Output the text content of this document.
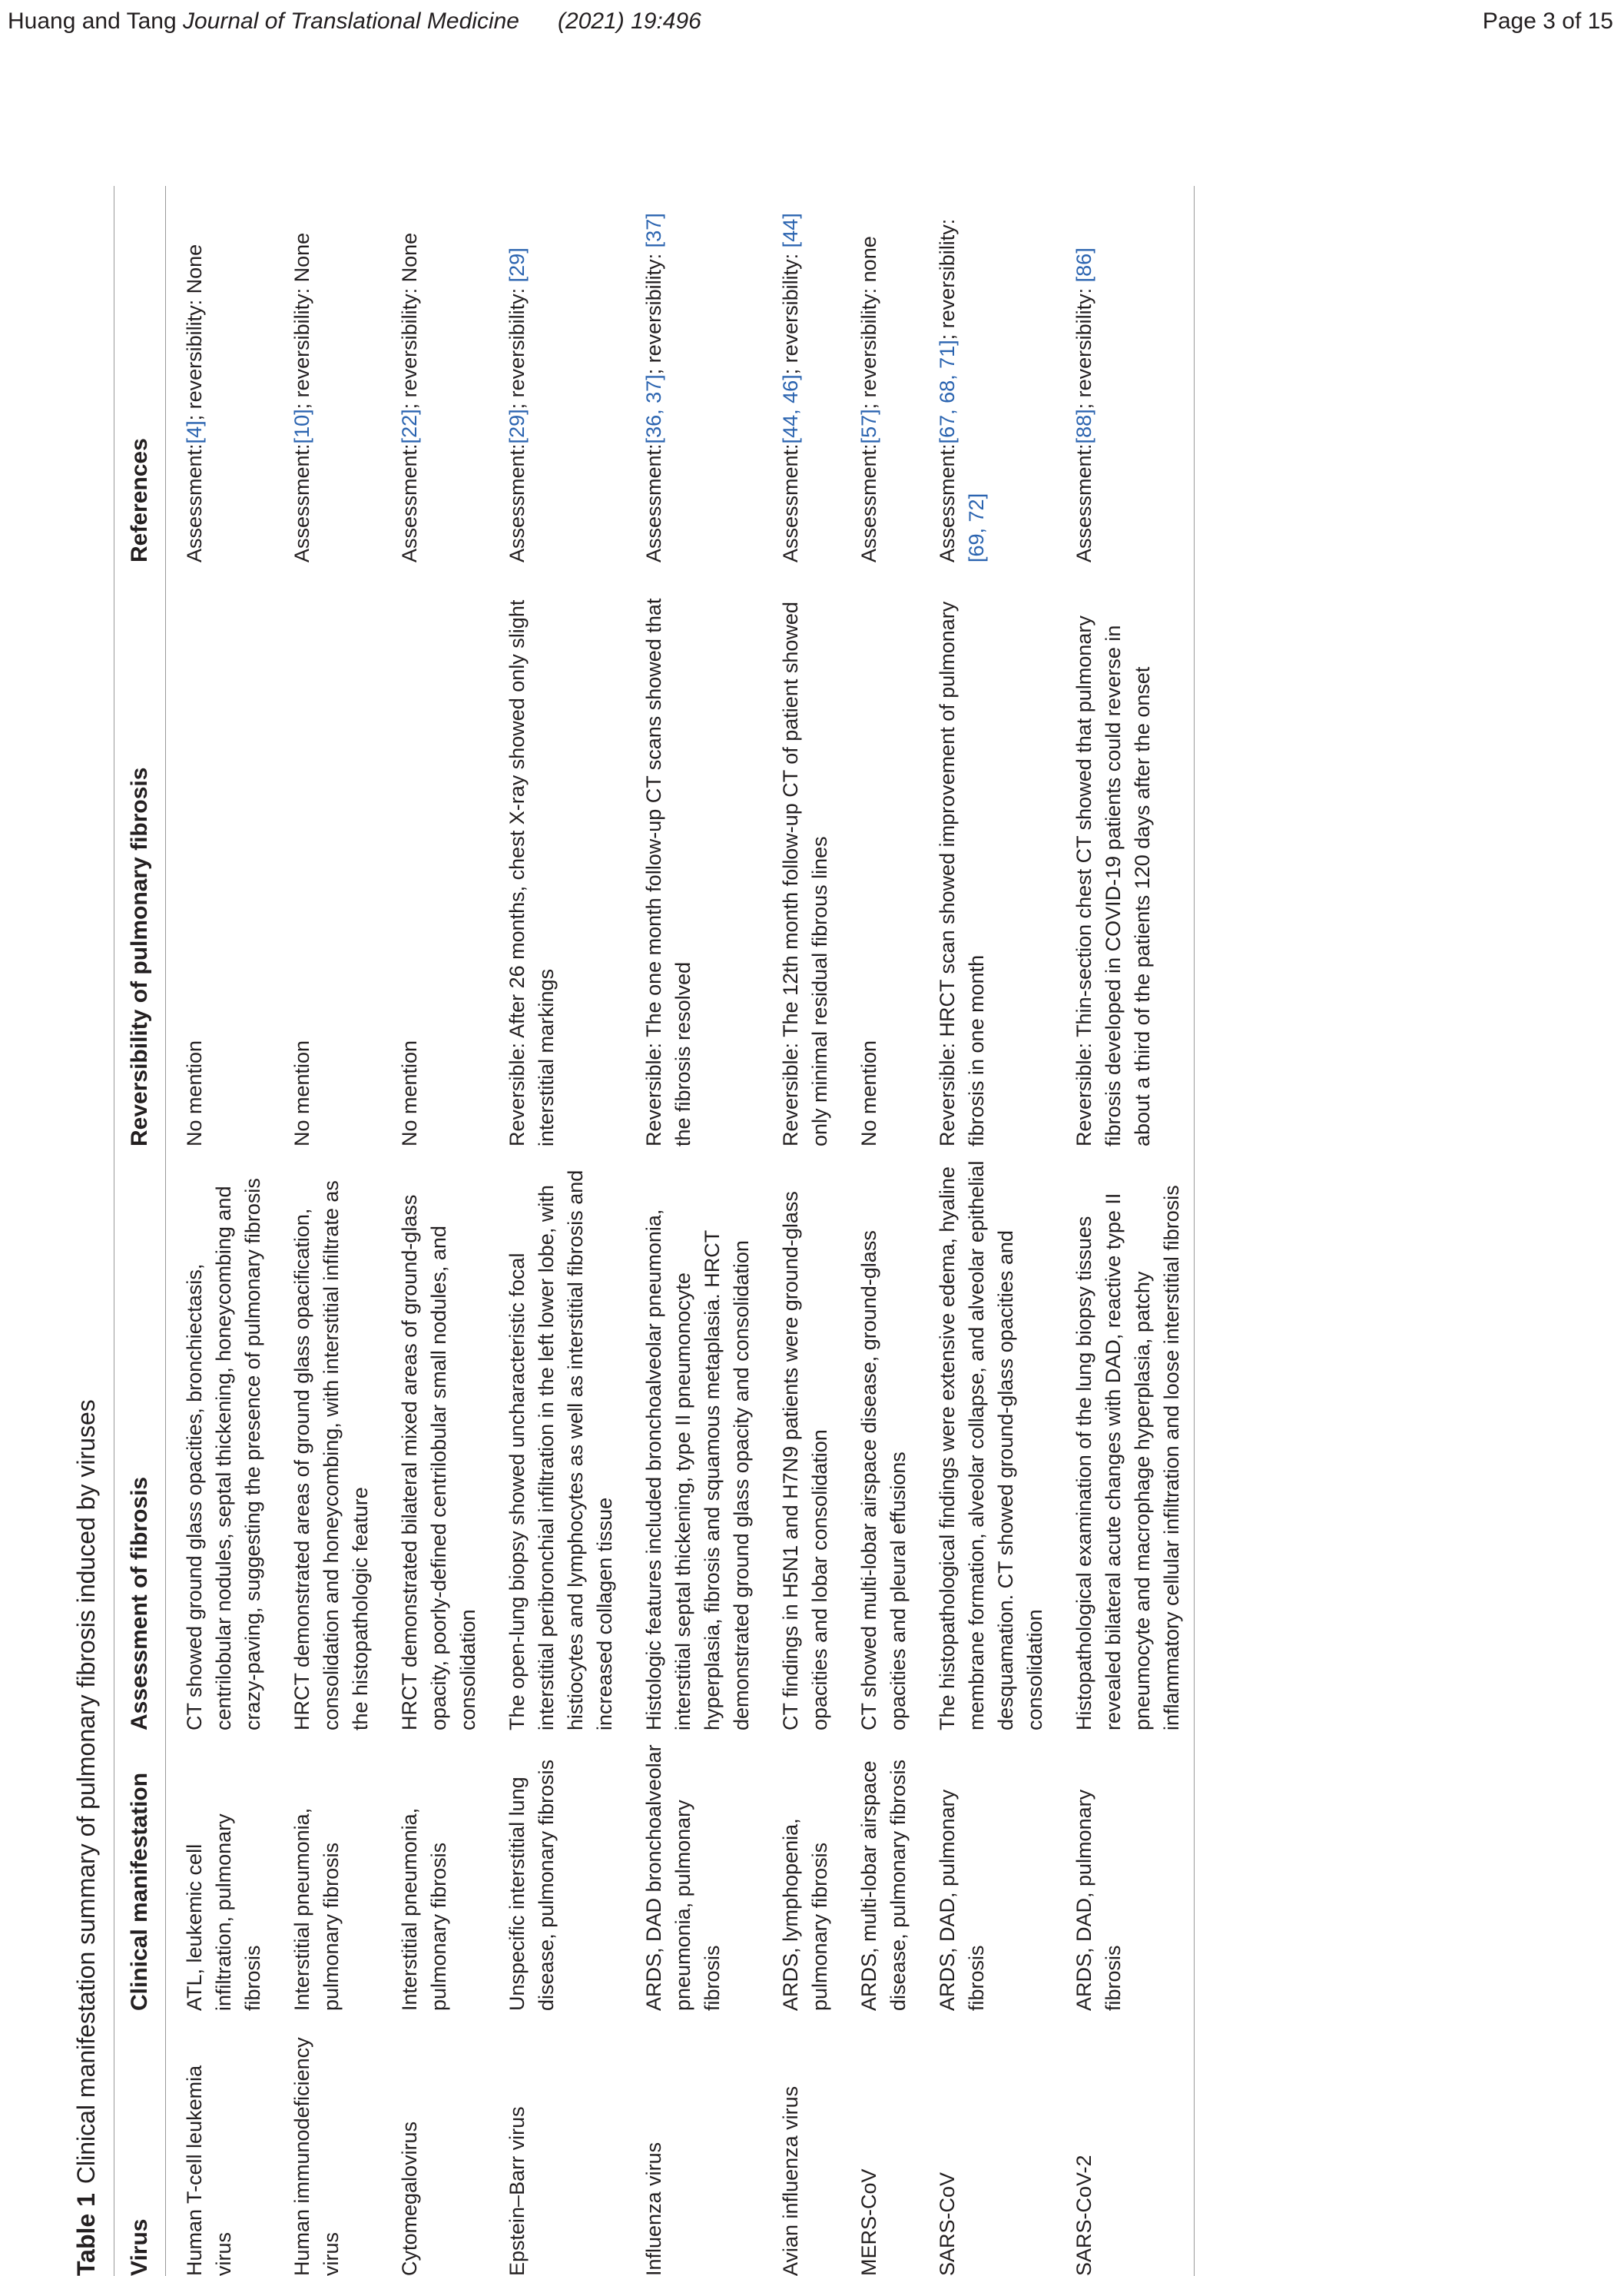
Huang and Tang Journal of Translational Medicine (2021) 19:496	Page 3 of 15
Table 1Clinical manifestation summary of pulmonary fibrosis induced by viruses
Virus	Clinical manifestation	Assessment of fibrosis	Reversibility of pulmonary fibrosis	References
Human T-cell leukemia virus	ATL, leukemic cell infiltration, pulmonary fibrosis	CT showed ground glass opacities, bronchiectasis, centrilobular nodules, septal thickening, honeycombing and crazy-paving, suggesting the presence of pulmonary fibrosis	No mention	Assessment:[4]; reversibility: None
Human immunodeficiency virus	Interstitial pneumonia, pulmonary fibrosis	HRCT demonstrated areas of ground glass opacification, consolidation and honeycombing, with interstitial infiltrate as the histopathologic feature	No mention	Assessment:[10]; reversibility: None
Cytomegalovirus	Interstitial pneumonia, pulmonary fibrosis	HRCT demonstrated bilateral mixed areas of ground-glass opacity, poorly-defined centrilobular small nodules, and consolidation	No mention	Assessment:[22]; reversibility: None
Epstein–Barr virus	Unspecific interstitial lung disease, pulmonary fibrosis	The open-lung biopsy showed uncharacteristic focal interstitial peribronchial infiltration in the left lower lobe, with histiocytes and lymphocytes as well as interstitial fibrosis and increased collagen tissue	Reversible: After 26 months, chest X-ray showed only slight interstitial markings	Assessment:[29]; reversibility: [29]
Influenza virus	ARDS, DAD bronchoalveolar pneumonia, pulmonary fibrosis	Histologic features included bronchoalveolar pneumonia, interstitial septal thickening, type II pneumonocyte hyperplasia, fibrosis and squamous metaplasia. HRCT demonstrated ground glass opacity and consolidation	Reversible: The one month follow-up CT scans showed that the fibrosis resolved	Assessment:[36, 37]; reversibility: [37]
Avian influenza virus	ARDS, lymphopenia, pulmonary fibrosis	CT findings in H5N1 and H7N9 patients were ground-glass opacities and lobar consolidation	Reversible: The 12th month follow-up CT of patient showed only minimal residual fibrous lines	Assessment:[44, 46]; reversibility: [44]
MERS-CoV	ARDS, multi-lobar airspace disease, pulmonary fibrosis	CT showed multi-lobar airspace disease, ground-glass opacities and pleural effusions	No mention	Assessment:[57]; reversibility: none
SARS-CoV	ARDS, DAD, pulmonary fibrosis	The histopathological findings were extensive edema, hyaline membrane formation, alveolar collapse, and alveolar epithelial desquamation. CT showed ground-glass opacities and consolidation	Reversible: HRCT scan showed improvement of pulmonary fibrosis in one month	Assessment:[67, 68, 71]; reversibility: [69, 72]
SARS-CoV-2	ARDS, DAD, pulmonary fibrosis	Histopathological examination of the lung biopsy tissues revealed bilateral acute changes with DAD, reactive type II pneumocyte and macrophage hyperplasia, patchy inflammatory cellular infiltration and loose interstitial fibrosis	Reversible: Thin-section chest CT showed that pulmonary fibrosis developed in COVID-19 patients could reverse in about a third of the patients 120 days after the onset	Assessment:[88]; reversibility: [86]
